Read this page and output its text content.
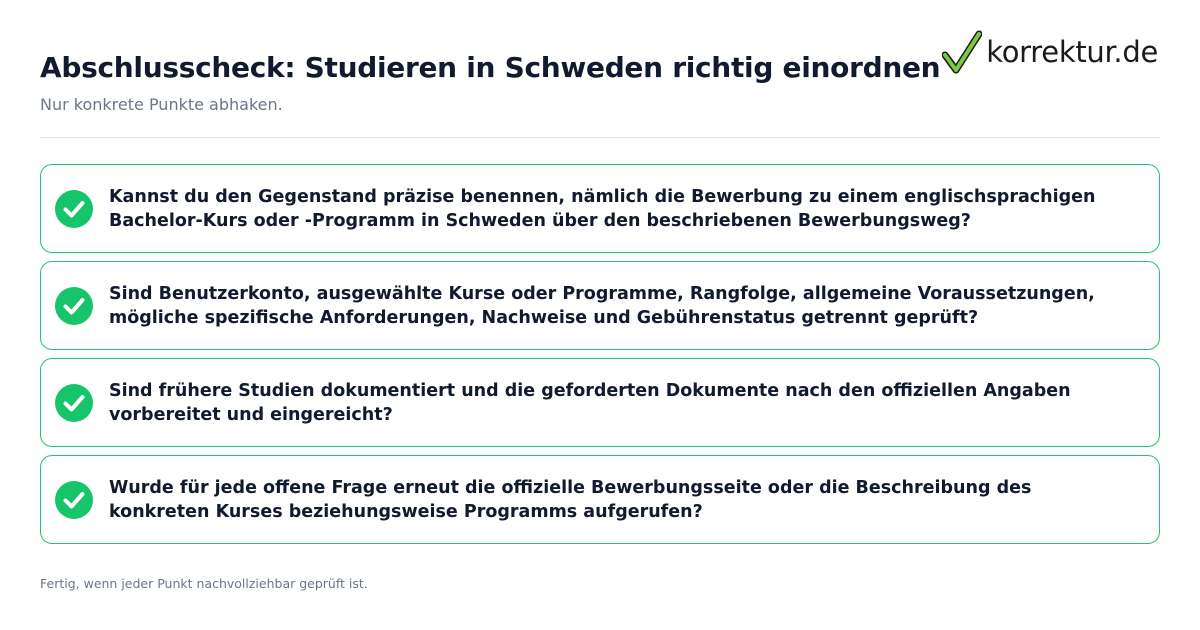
Abschlusscheck: Studieren in Schweden richtig einordnen
Nur konkrete Punkte abhaken.
korrektur.de
Kannst du den Gegenstand präzise benennen, nämlich die Bewerbung zu einem englischsprachigen Bachelor-Kurs oder -Programm in Schweden über den beschriebenen Bewerbungsweg?
Sind Benutzerkonto, ausgewählte Kurse oder Programme, Rangfolge, allgemeine Voraussetzungen, mögliche spezifische Anforderungen, Nachweise und Gebührenstatus getrennt geprüft?
Sind frühere Studien dokumentiert und die geforderten Dokumente nach den offiziellen Angaben vorbereitet und eingereicht?
Wurde für jede offene Frage erneut die offizielle Bewerbungsseite oder die Beschreibung des konkreten Kurses beziehungsweise Programms aufgerufen?
Fertig, wenn jeder Punkt nachvollziehbar geprüft ist.
